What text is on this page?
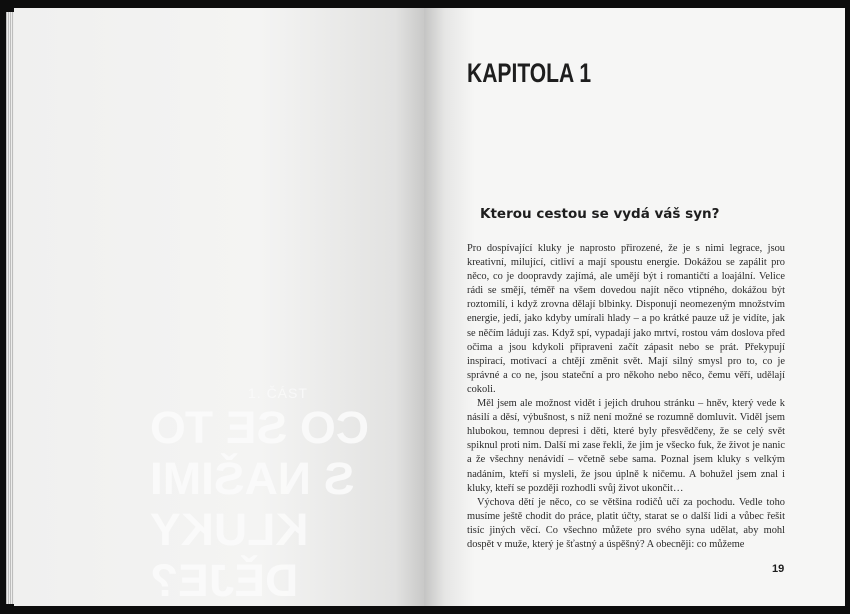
1. ČÁST
CO SE TO
S NAŠIMI KLUKY
DĚJE?
KAPITOLA 1
Kterou cestou se vydá váš syn?

Pro dospívající kluky je naprosto přirozené, že je s nimi legrace, jsou kreativní, milující, citliví a mají spoustu energie. Dokážou se zapálit pro něco, co je doopravdy zajímá, ale umějí být i romantičtí a loajální. Velice rádi se smějí, téměř na všem dovedou najít něco vtipného, dokážou být roztomilí, i když zrovna dělají blbinky. Disponují neomezeným množstvím energie, jedí, jako kdyby umírali hlady – a po krátké pauze už je vidíte, jak se něčím ládují zas. Když spí, vypadají jako mrtví, rostou vám doslova před očima a jsou kdykoli připraveni začít zápasit nebo se prát. Překypují inspirací, motivací a chtějí změnit svět. Mají silný smysl pro to, co je správné a co ne, jsou stateční a pro někoho nebo něco, čemu věří, udělají cokoli.

Měl jsem ale možnost vidět i jejich druhou stránku – hněv, který vede k násilí a děsí, výbušnost, s níž není možné se rozumně domluvit. Viděl jsem hlubokou, temnou depresi i děti, které byly přesvědčeny, že se celý svět spiknul proti nim. Další mi zase řekli, že jim je všecko fuk, že život je nanic a že všechny nenávidí – včetně sebe sama. Poznal jsem kluky s velkým nadáním, kteří si mysleli, že jsou úplně k ničemu. A bohužel jsem znal i kluky, kteří se později rozhodli svůj život ukončit…

Výchova dětí je něco, co se většina rodičů učí za pochodu. Vedle toho musíme ještě chodit do práce, platit účty, starat se o další lidi a vůbec řešit tisíc jiných věcí. Co všechno můžete pro svého syna udělat, aby mohl dospět v muže, který je šťastný a úspěšný? A obecněji: co můžeme

19
